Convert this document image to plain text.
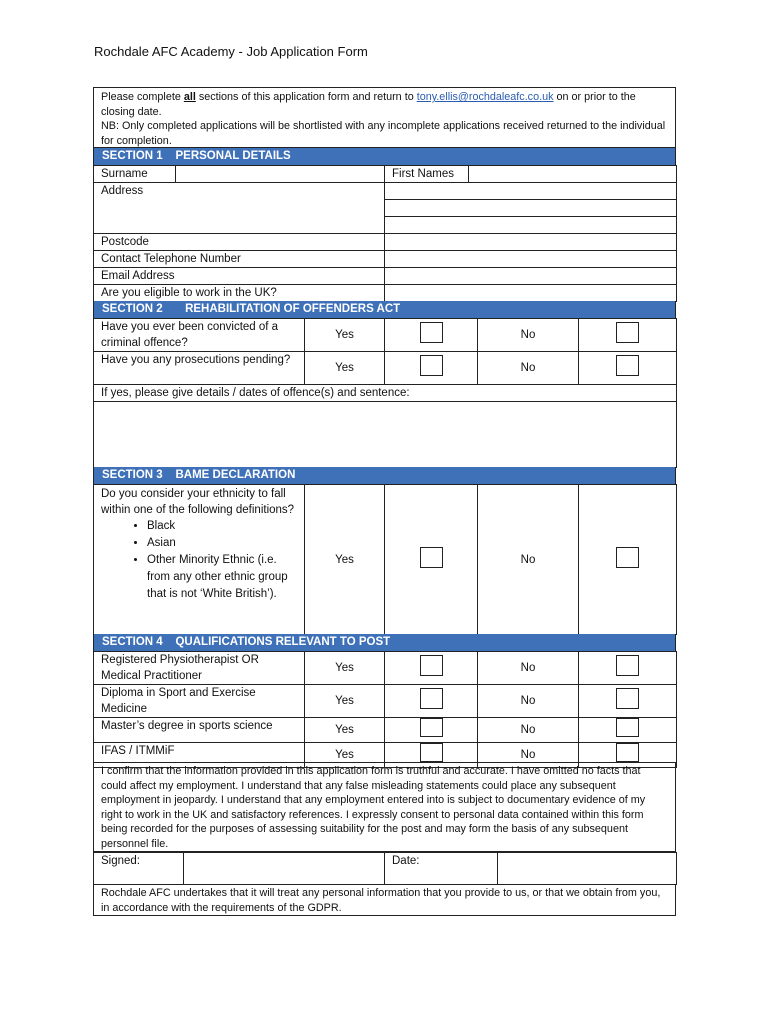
Rochdale AFC Academy - Job Application Form
Please complete all sections of this application form and return to tony.ellis@rochdaleafc.co.uk on or prior to the closing date.
NB: Only completed applications will be shortlisted with any incomplete applications received returned to the individual for completion.
SECTION 1    PERSONAL DETAILS
Surname		First Names	
Address			

Postcode			
Contact Telephone Number			
Email Address			
Are you eligible to work in the UK?			
SECTION 2       REHABILITATION OF OFFENDERS ACT
Have you ever been convicted of a criminal offence?	Yes		No	
Have you any prosecutions pending?	Yes		No	
If yes, please give details / dates of offence(s) and sentence:				

SECTION 3    BAME DECLARATION
Do you consider your ethnicity to fall within one of the following definitions?
• Black
• Asian
• Other Minority Ethnic (i.e. from any other ethnic group that is not ‘White British’).
	Yes		No	
SECTION 4    QUALIFICATIONS RELEVANT TO POST
Registered Physiotherapist OR Medical Practitioner	Yes		No	
Diploma in Sport and Exercise Medicine	Yes		No	
Master’s degree in sports science	Yes		No	
IFAS / ITMMiF	Yes		No	
I confirm that the information provided in this application form is truthful and accurate. I have omitted no facts that could affect my employment. I understand that any false misleading statements could place any subsequent employment in jeopardy. I understand that any employment entered into is subject to documentary evidence of my right to work in the UK and satisfactory references. I expressly consent to personal data contained within this form being recorded for the purposes of assessing suitability for the post and may form the basis of any subsequent personnel file.
Signed:		Date:	
Rochdale AFC undertakes that it will treat any personal information that you provide to us, or that we obtain from you, in accordance with the requirements of the GDPR.
